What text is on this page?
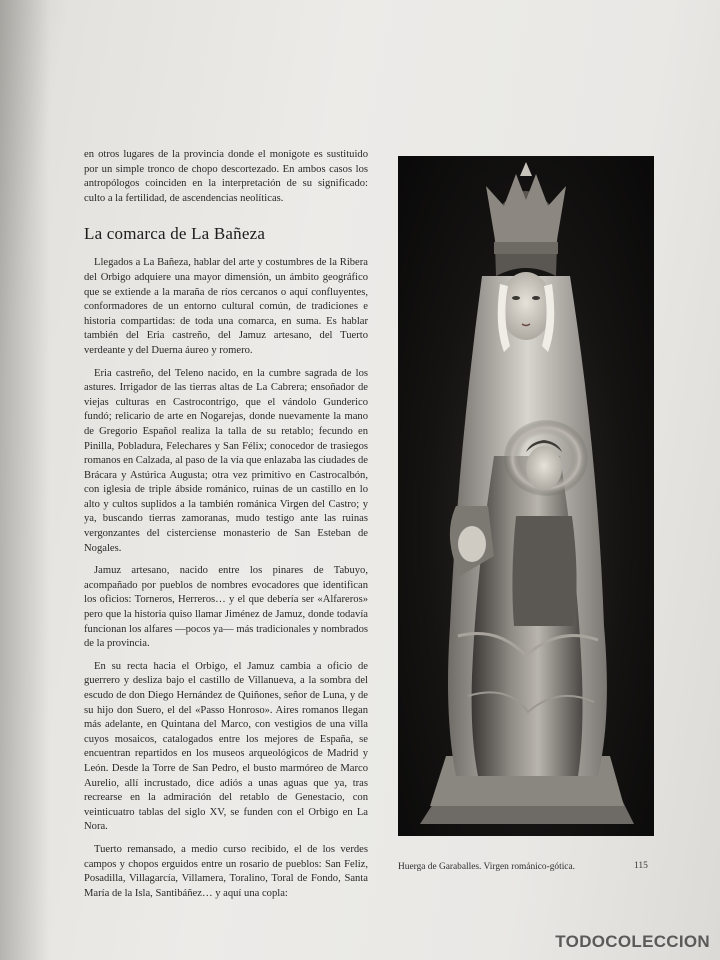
en otros lugares de la provincia donde el monigote es sustituido por un simple tronco de chopo descortezado. En ambos casos los antropólogos coinciden en la interpretación de su significado: culto a la fertilidad, de ascendencias neolíticas.

La comarca de La Bañeza

Llegados a La Bañeza, hablar del arte y costumbres de la Ribera del Orbigo adquiere una mayor dimensión, un ámbito geográfico que se extiende a la maraña de ríos cercanos o aquí confluyentes, conformadores de un entorno cultural común, de tradiciones e historia compartidas: de toda una comarca, en suma. Es hablar también del Eria castreño, del Jamuz artesano, del Tuerto verdeante y del Duerna áureo y romero.

Eria castreño, del Teleno nacido, en la cumbre sagrada de los astures. Irrigador de las tierras altas de La Cabrera; ensoñador de viejas culturas en Castrocontrigo, que el vándolo Gunderico fundó; relicario de arte en Nogarejas, donde nuevamente la mano de Gregorio Español realiza la talla de su retablo; fecundo en Pinilla, Pobladura, Felechares y San Félix; conocedor de trasiegos romanos en Calzada, al paso de la vía que enlazaba las ciudades de Brácara y Astúrica Augusta; otra vez primitivo en Castrocalbón, con iglesia de triple ábside románico, ruinas de un castillo en lo alto y cultos suplidos a la también románica Virgen del Castro; y ya, buscando tierras zamoranas, mudo testigo ante las ruinas vergonzantes del cisterciense monasterio de San Esteban de Nogales.

Jamuz artesano, nacido entre los pinares de Tabuyo, acompañado por pueblos de nombres evocadores que identifican los oficios: Torneros, Herreros… y el que debería ser «Alfareros» pero que la historia quiso llamar Jiménez de Jamuz, donde todavía funcionan los alfares —pocos ya— más tradicionales y nombrados de la provincia.

En su recta hacia el Orbigo, el Jamuz cambia a oficio de guerrero y desliza bajo el castillo de Villanueva, a la sombra del escudo de don Diego Hernández de Quiñones, señor de Luna, y de su hijo don Suero, el del «Passo Honroso». Aires romanos llegan más adelante, en Quintana del Marco, con vestigios de una villa cuyos mosaicos, catalogados entre los mejores de España, se encuentran repartidos en los museos arqueológicos de Madrid y León. Desde la Torre de San Pedro, el busto marmóreo de Marco Aurelio, allí incrustado, dice adiós a unas aguas que ya, tras recrearse en la admiración del retablo de Genestacio, con veinticuatro tablas del siglo XV, se funden con el Orbigo en La Nora.

Tuerto remansado, a medio curso recibido, el de los verdes campos y chopos erguidos entre un rosario de pueblos: San Feliz, Posadilla, Villagarcía, Villamera, Toralino, Toral de Fondo, Santa María de la Isla, Santibáñez… y aquí una copla:

Huerga de Garaballes. Virgen románico-gótica.	115
TODOCOLECCION
